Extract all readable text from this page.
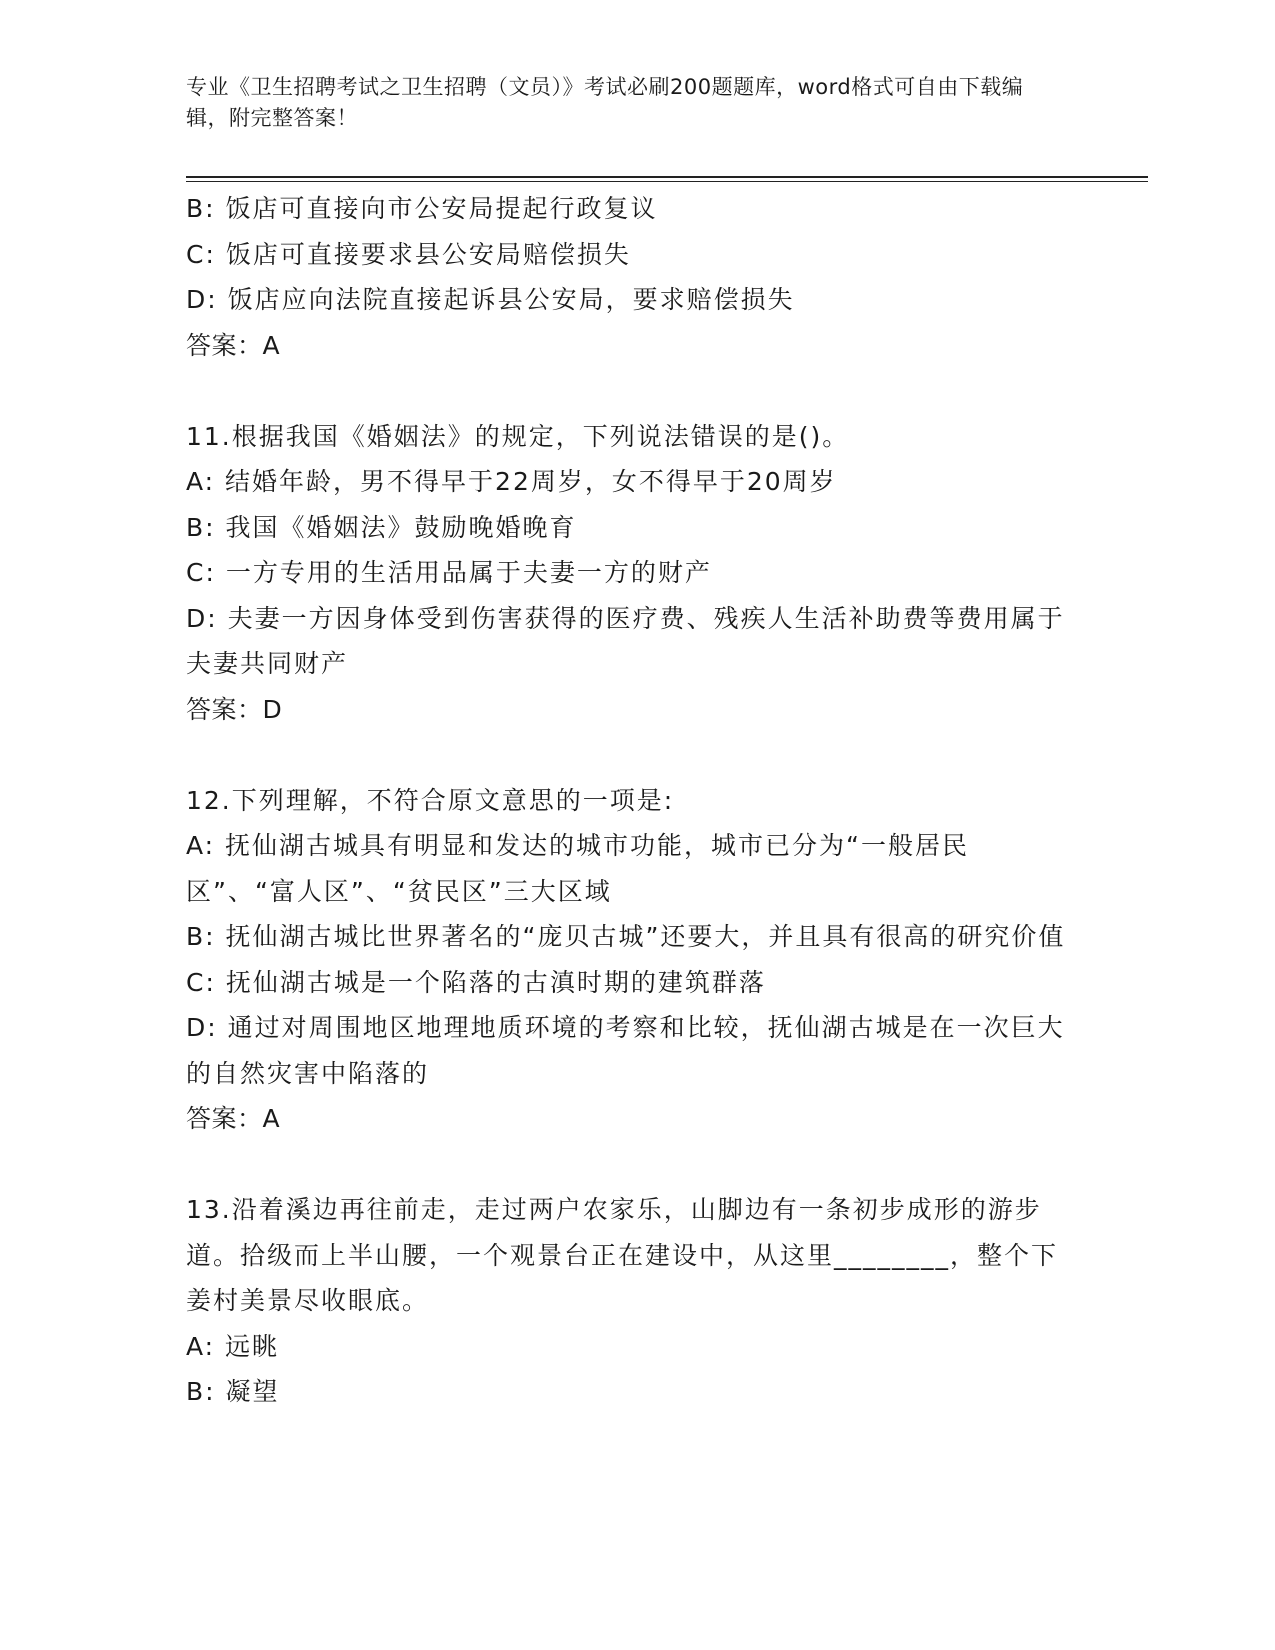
专业《卫生招聘考试之卫生招聘（文员）》考试必刷200题题库，word格式可自由下载编辑，附完整答案！
B: 饭店可直接向市公安局提起行政复议
C: 饭店可直接要求县公安局赔偿损失
D: 饭店应向法院直接起诉县公安局，要求赔偿损失
答案：A
11.根据我国《婚姻法》的规定，下列说法错误的是()。
A: 结婚年龄，男不得早于22周岁，女不得早于20周岁
B: 我国《婚姻法》鼓励晚婚晚育
C: 一方专用的生活用品属于夫妻一方的财产
D: 夫妻一方因身体受到伤害获得的医疗费、残疾人生活补助费等费用属于夫妻共同财产
答案：D
12.下列理解，不符合原文意思的一项是:
A: 抚仙湖古城具有明显和发达的城市功能，城市已分为“一般居民区”、“富人区”、“贫民区”三大区域
B: 抚仙湖古城比世界著名的“庞贝古城”还要大，并且具有很高的研究价值
C: 抚仙湖古城是一个陷落的古滇时期的建筑群落
D: 通过对周围地区地理地质环境的考察和比较，抚仙湖古城是在一次巨大的自然灾害中陷落的
答案：A
13.沿着溪边再往前走，走过两户农家乐，山脚边有一条初步成形的游步道。拾级而上半山腰，一个观景台正在建设中，从这里________，整个下姜村美景尽收眼底。
A: 远眺
B: 凝望
